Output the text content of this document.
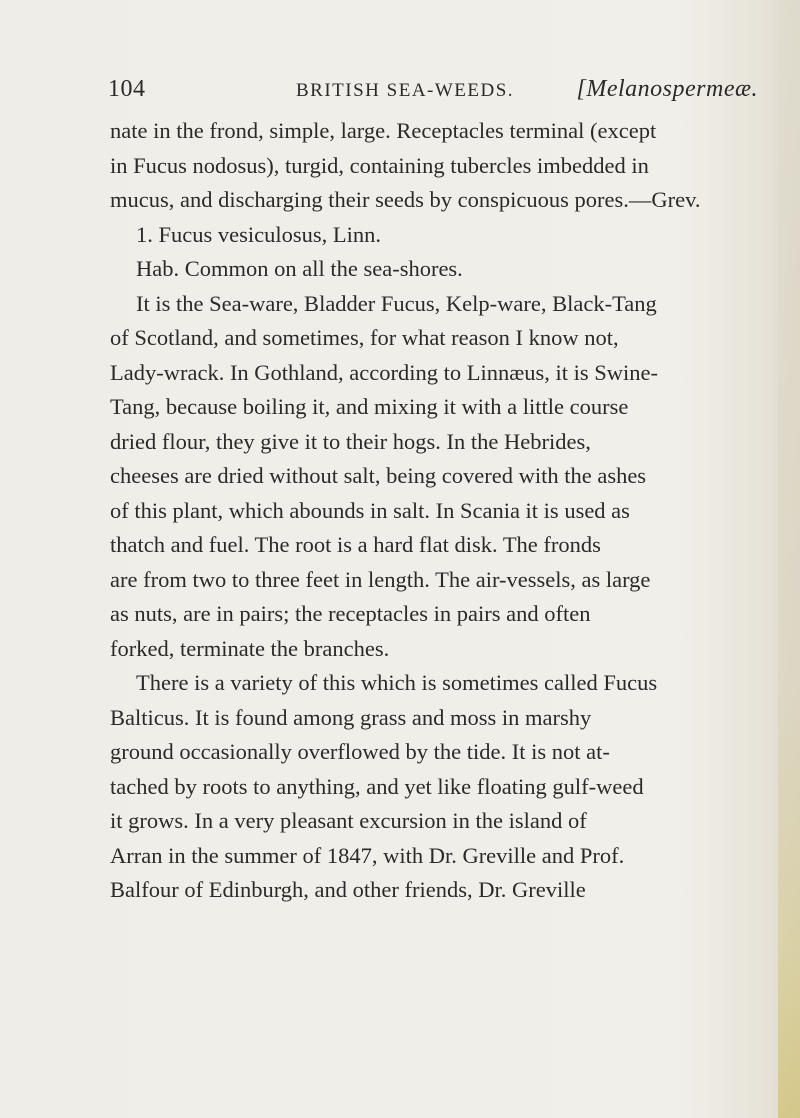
104	BRITISH SEA-WEEDS.	[Melanospermeæ.
nate in the frond, simple, large. Receptacles terminal (except
in Fucus nodosus), turgid, containing tubercles imbedded in
mucus, and discharging their seeds by conspicuous pores.—Grev.
1. Fucus vesiculosus, Linn.
Hab. Common on all the sea-shores.
It is the Sea-ware, Bladder Fucus, Kelp-ware, Black-Tang
of Scotland, and sometimes, for what reason I know not,
Lady-wrack. In Gothland, according to Linnæus, it is Swine-
Tang, because boiling it, and mixing it with a little course
dried flour, they give it to their hogs. In the Hebrides,
cheeses are dried without salt, being covered with the ashes
of this plant, which abounds in salt. In Scania it is used as
thatch and fuel. The root is a hard flat disk. The fronds
are from two to three feet in length. The air-vessels, as large
as nuts, are in pairs; the receptacles in pairs and often
forked, terminate the branches.
There is a variety of this which is sometimes called Fucus
Balticus. It is found among grass and moss in marshy
ground occasionally overflowed by the tide. It is not at-
tached by roots to anything, and yet like floating gulf-weed
it grows. In a very pleasant excursion in the island of
Arran in the summer of 1847, with Dr. Greville and Prof.
Balfour of Edinburgh, and other friends, Dr. Greville
